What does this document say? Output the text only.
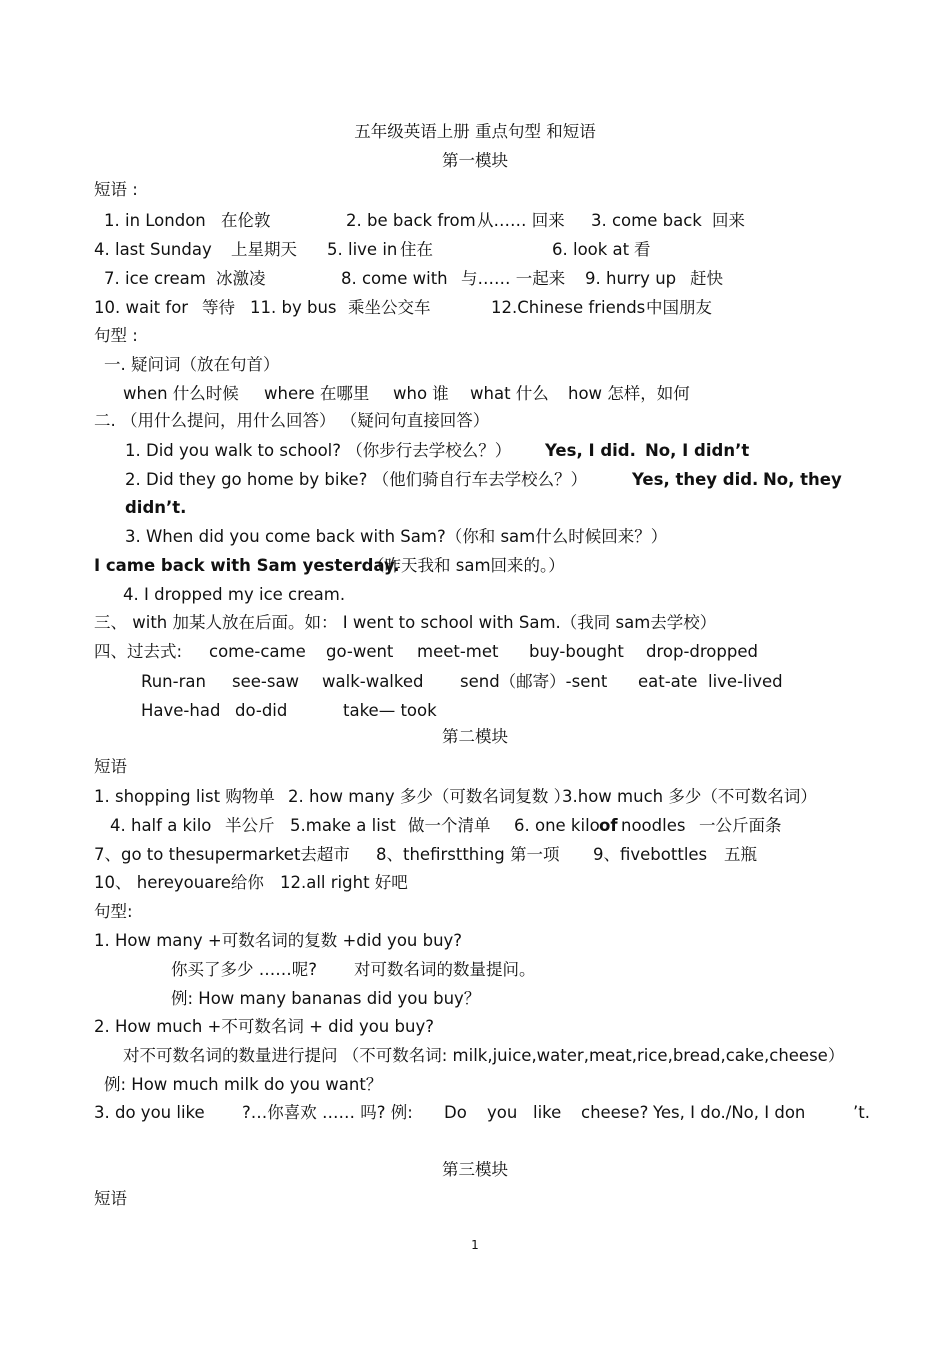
五年级英语上册 重点句型 和短语
第一模块
短语 :
1. in London 在伦敦	2. be back from 从…… 回来 3. come back 回来
4. last Sunday 上星期天 5. live in 住在	6. look at 看
7. ice cream 冰激凌	8. come with 与…… 一起来 9. hurry up 赶快
10. wait for 等待 11. by bus 乘坐公交车	12.Chinese friends 中国朋友
句型 :
一. 疑问词（放在句首）
when 什么时候 where 在哪里 who 谁 what 什么 how 怎样，如何
二. （用什么提问，用什么回答） （疑问句直接回答）
1. Did you walk to school? （你步行去学校么？） Yes, I did. No, I didn’t
2. Did they go home by bike? （他们骑自行车去学校么？）	Yes, they did. No, they
didn’t.
3. When did you come back with Sam?（你和 sam什么时候回来？）
I came back with Sam yesterday.
（昨天我和 sam回来的。）
4. I dropped my ice cream.
三、 with 加某人放在后面。如： I went to school with Sam.（我同 sam去学校）
四、过去式: come-came go-went meet-met buy-bought drop-dropped
Run-ran see-saw walk-walked send（邮寄）-sent eat-ate live-lived
Have-had do-did	take— took
第二模块
短语
1. shopping list 购物单 2. how many 多少（可数名词复数 ）
3.how much 多少（不可数名词）
4. half a kilo 半公斤 5.make a list 做一个清单 6. one kilo of noodles 一公斤面条
7、go to thesupermarket去超市 8、thefirstthing 第一项 9、fivebottles 五瓶
10、 hereyouare给你 12.all right 好吧
句型:
1. How many +可数名词的复数 +did you buy?
你买了多少 ……呢? 对可数名词的数量提问。
例: How many bananas did you buy？
2. How much +不可数名词 + did you buy?
对不可数名词的数量进行提问 （不可数名词: milk,juice,water,meat,rice,bread,cake,cheese）
例: How much milk do you want？
3. do you like ?…你喜欢 …… 吗? 例: Do you like cheese? Yes, I do./No, I don	’t.
第三模块
短语
1
